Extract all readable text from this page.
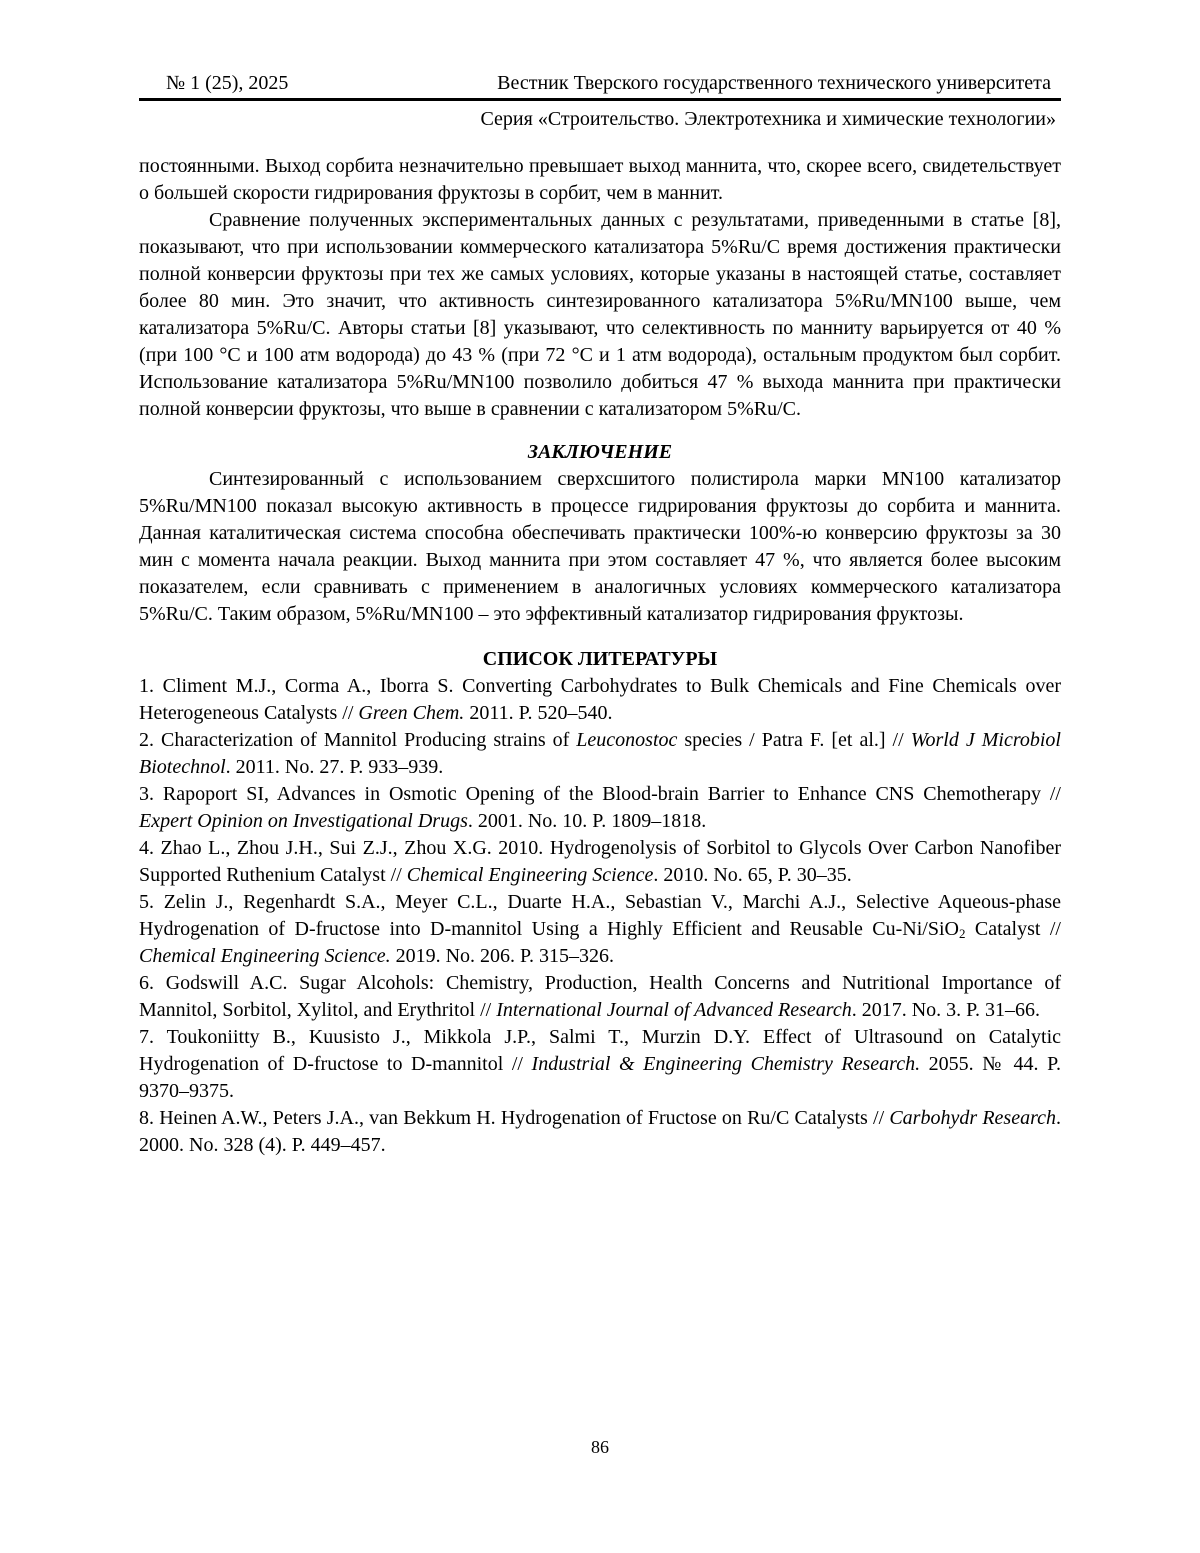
№ 1 (25), 2025	Вестник Тверского государственного технического университета
Серия «Строительство. Электротехника и химические технологии»

постоянными. Выход сорбита незначительно превышает выход маннита, что, скорее всего, свидетельствует о большей скорости гидрирования фруктозы в сорбит, чем в маннит.

Сравнение полученных экспериментальных данных с результатами, приведенными в статье [8], показывают, что при использовании коммерческого катализатора 5%Ru/C время достижения практически полной конверсии фруктозы при тех же самых условиях, которые указаны в настоящей статье, составляет более 80 мин. Это значит, что активность синтезированного катализатора 5%Ru/MN100 выше, чем катализатора 5%Ru/C. Авторы статьи [8] указывают, что селективность по манниту варьируется от 40 % (при 100 °С и 100 атм водорода) до 43 % (при 72 °С и 1 атм водорода), остальным продуктом был сорбит. Использование катализатора 5%Ru/MN100 позволило добиться 47 % выхода маннита при практически полной конверсии фруктозы, что выше в сравнении с катализатором 5%Ru/C.

ЗАКЛЮЧЕНИЕ

Синтезированный с использованием сверхсшитого полистирола марки MN100 катализатор 5%Ru/MN100 показал высокую активность в процессе гидрирования фруктозы до сорбита и маннита. Данная каталитическая система способна обеспечивать практически 100%-ю конверсию фруктозы за 30 мин с момента начала реакции. Выход маннита при этом составляет 47 %, что является более высоким показателем, если сравнивать с применением в аналогичных условиях коммерческого катализатора 5%Ru/C. Таким образом, 5%Ru/MN100 – это эффективный катализатор гидрирования фруктозы.

СПИСОК ЛИТЕРАТУРЫ

1. Climent M.J., Corma A., Iborra S. Converting Carbohydrates to Bulk Chemicals and Fine Chemicals over Heterogeneous Catalysts // Green Chem. 2011. P. 520–540.

2. Characterization of Mannitol Producing strains of Leuconostoc species / Patra F. [et al.] // World J Microbiol Biotechnol. 2011. No. 27. P. 933–939.

3. Rapoport SI, Advances in Osmotic Opening of the Blood-brain Barrier to Enhance CNS Chemotherapy // Expert Opinion on Investigational Drugs. 2001. No. 10. P. 1809–1818.

4. Zhao L., Zhou J.H., Sui Z.J., Zhou X.G. 2010. Hydrogenolysis of Sorbitol to Glycols Over Carbon Nanofiber Supported Ruthenium Catalyst // Chemical Engineering Science. 2010. No. 65, P. 30–35.

5. Zelin J., Regenhardt S.A., Meyer C.L., Duarte H.A., Sebastian V., Marchi A.J., Selective Aqueous-phase Hydrogenation of D-fructose into D-mannitol Using a Highly Efficient and Reusable Cu-Ni/SiO$_2$ Catalyst // Chemical Engineering Science. 2019. No. 206. P. 315–326.

6. Godswill A.C. Sugar Alcohols: Chemistry, Production, Health Concerns and Nutritional Importance of Mannitol, Sorbitol, Xylitol, and Erythritol // International Journal of Advanced Research. 2017. No. 3. P. 31–66.

7. Toukoniitty B., Kuusisto J., Mikkola J.P., Salmi T., Murzin D.Y. Effect of Ultrasound on Catalytic Hydrogenation of D-fructose to D-mannitol // Industrial & Engineering Chemistry Research. 2055. № 44. P. 9370–9375.

8. Heinen A.W., Peters J.A., van Bekkum H. Hydrogenation of Fructose on Ru/C Catalysts // Carbohydr Research. 2000. No. 328 (4). P. 449–457.

86
